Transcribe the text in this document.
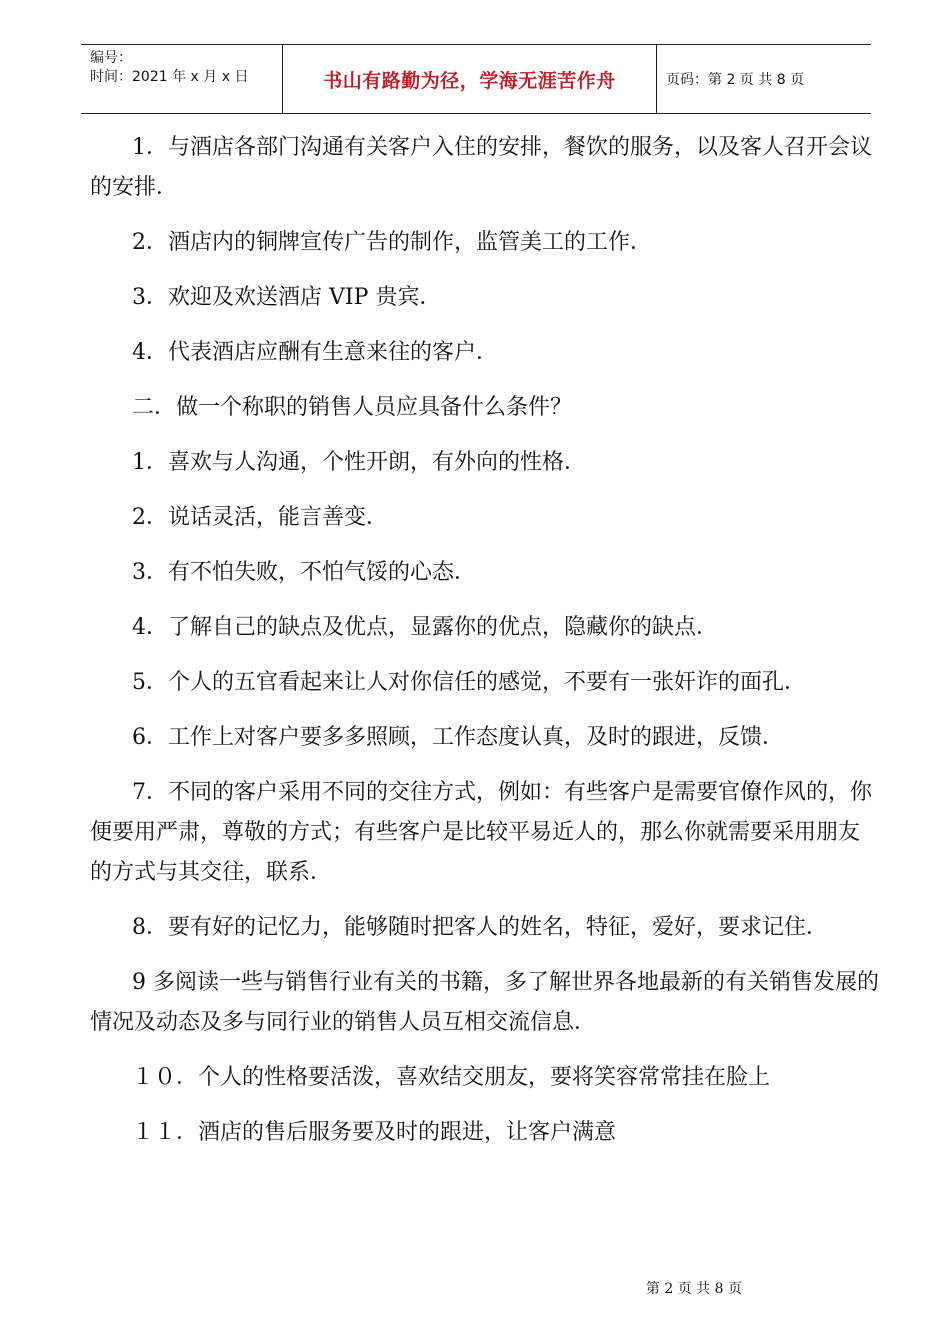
编号：
时间：2021 年 x 月 x 日	书山有路勤为径，学海无涯苦作舟	页码：第 2 页 共 8 页

1．与酒店各部门沟通有关客户入住的安排，餐饮的服务，以及客人召开会议的安排．

2．酒店内的铜牌宣传广告的制作，监管美工的工作．

3．欢迎及欢送酒店 VIP 贵宾．

4．代表酒店应酬有生意来往的客户．

二．做一个称职的销售人员应具备什么条件？

1．喜欢与人沟通，个性开朗，有外向的性格．

2．说话灵活，能言善变．

3．有不怕失败，不怕气馁的心态．

4．了解自己的缺点及优点，显露你的优点，隐藏你的缺点．

5．个人的五官看起来让人对你信任的感觉，不要有一张奸诈的面孔．

6．工作上对客户要多多照顾，工作态度认真，及时的跟进，反馈．

7．不同的客户采用不同的交往方式，例如：有些客户是需要官僚作风的，你便要用严肃，尊敬的方式；有些客户是比较平易近人的，那么你就需要采用朋友的方式与其交往，联系．

8．要有好的记忆力，能够随时把客人的姓名，特征，爱好，要求记住．

9 多阅读一些与销售行业有关的书籍，多了解世界各地最新的有关销售发展的情况及动态及多与同行业的销售人员互相交流信息．

１０．个人的性格要活泼，喜欢结交朋友，要将笑容常常挂在脸上

１１．酒店的售后服务要及时的跟进，让客户满意

第 2 页 共 8 页
